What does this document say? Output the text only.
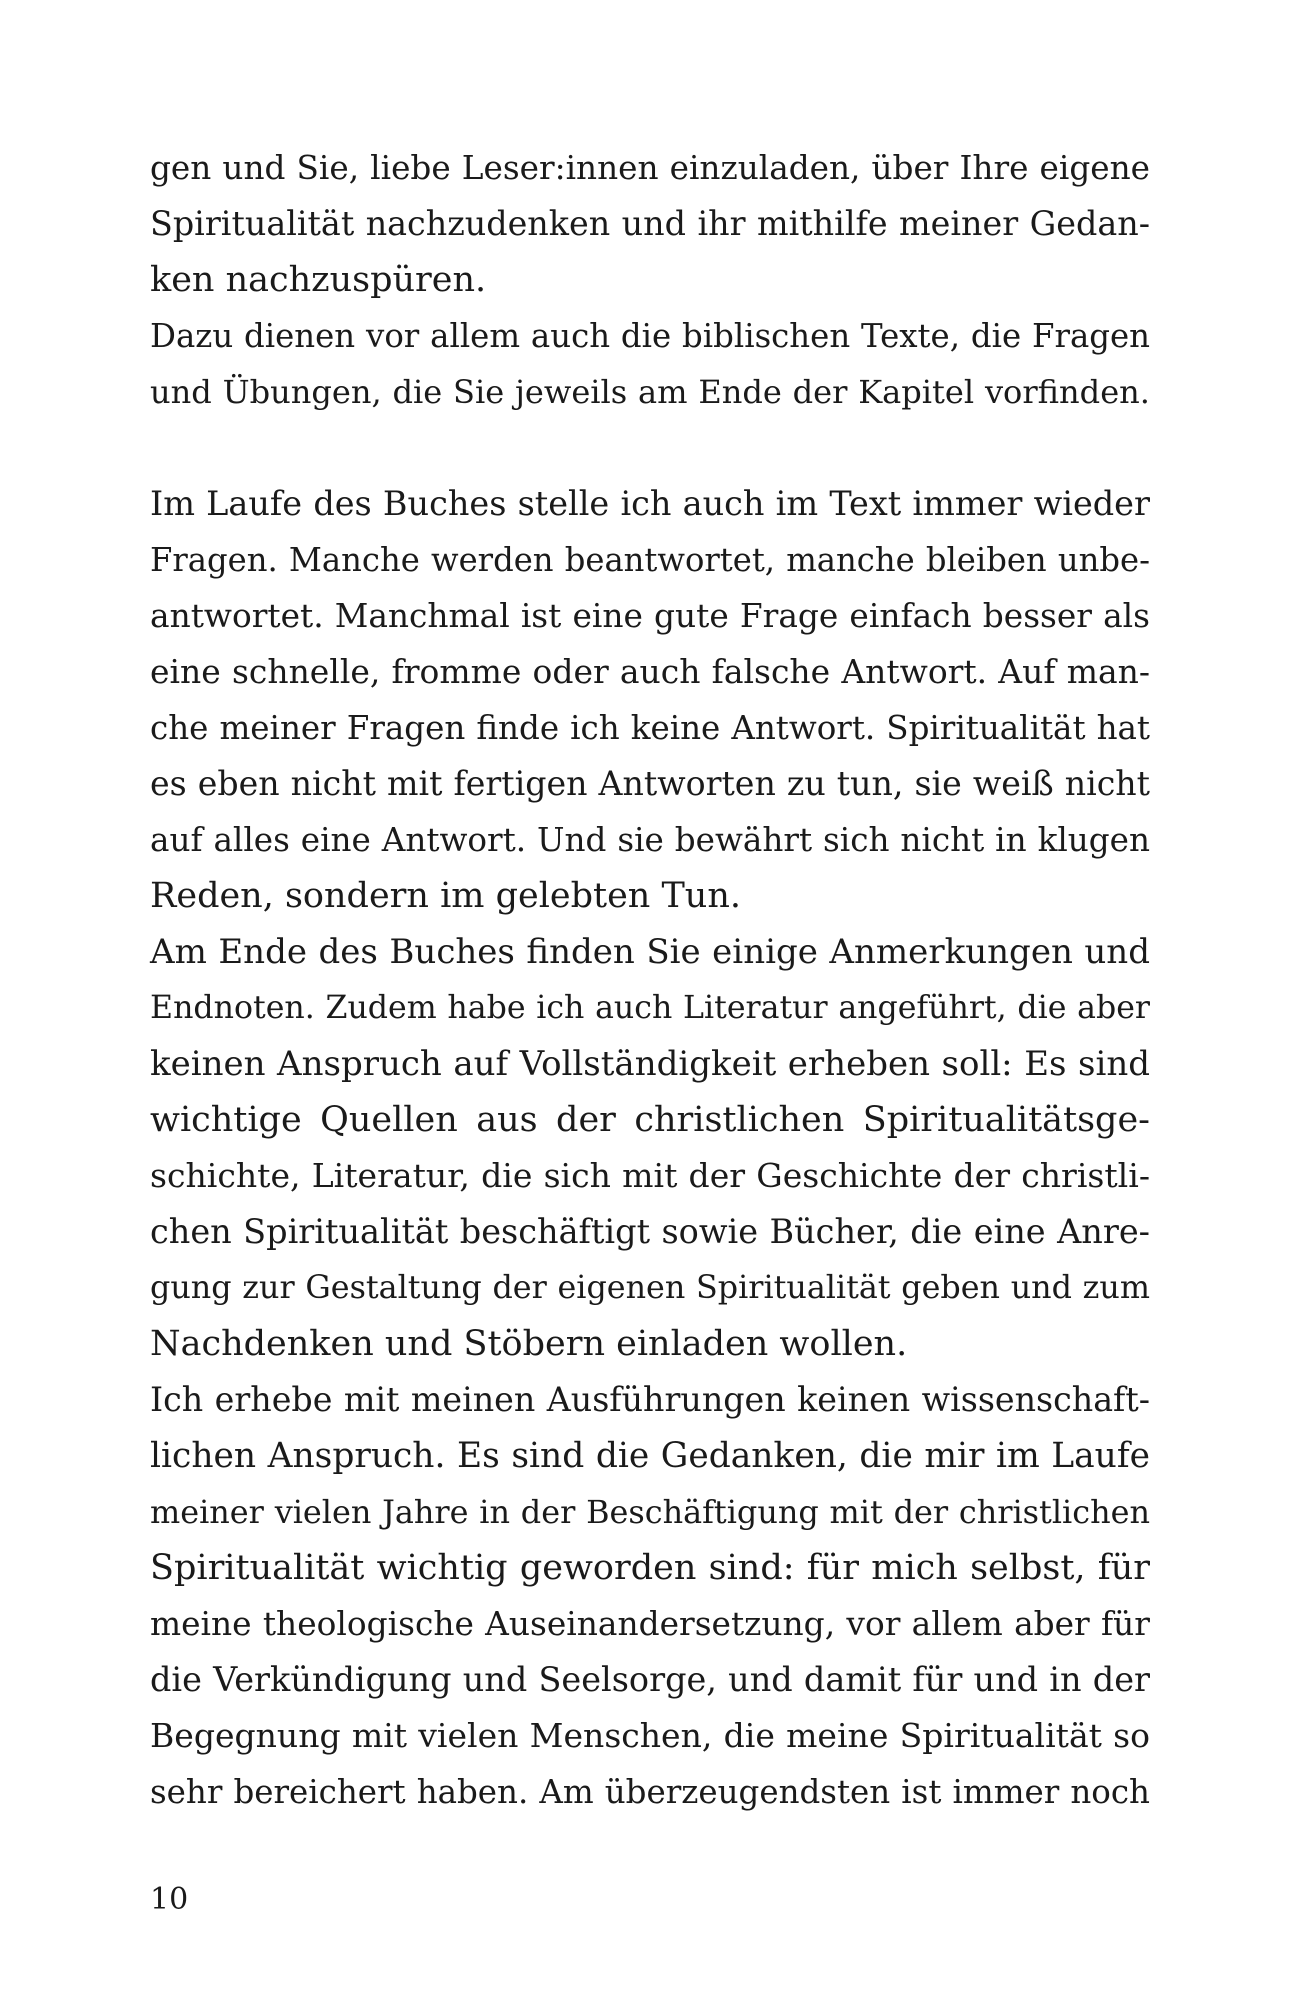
gen und Sie, liebe Leser:innen einzuladen, über Ihre eigene
Spiritualität nachzudenken und ihr mithilfe meiner Gedan-
ken nachzuspüren.
Dazu dienen vor allem auch die biblischen Texte, die Fragen
und Übungen, die Sie jeweils am Ende der Kapitel vorfinden.
Im Laufe des Buches stelle ich auch im Text immer wieder
Fragen. Manche werden beantwortet, manche bleiben unbe-
antwortet. Manchmal ist eine gute Frage einfach besser als
eine schnelle, fromme oder auch falsche Antwort. Auf man-
che meiner Fragen finde ich keine Antwort. Spiritualität hat
es eben nicht mit fertigen Antworten zu tun, sie weiß nicht
auf alles eine Antwort. Und sie bewährt sich nicht in klugen
Reden, sondern im gelebten Tun.
Am Ende des Buches finden Sie einige Anmerkungen und
Endnoten. Zudem habe ich auch Literatur angeführt, die aber
keinen Anspruch auf Vollständigkeit erheben soll: Es sind
wichtige Quellen aus der christlichen Spiritualitätsge-
schichte, Literatur, die sich mit der Geschichte der christli-
chen Spiritualität beschäftigt sowie Bücher, die eine Anre-
gung zur Gestaltung der eigenen Spiritualität geben und zum
Nachdenken und Stöbern einladen wollen.
Ich erhebe mit meinen Ausführungen keinen wissenschaft-
lichen Anspruch. Es sind die Gedanken, die mir im Laufe
meiner vielen Jahre in der Beschäftigung mit der christlichen
Spiritualität wichtig geworden sind: für mich selbst, für
meine theologische Auseinandersetzung, vor allem aber für
die Verkündigung und Seelsorge, und damit für und in der
Begegnung mit vielen Menschen, die meine Spiritualität so
sehr bereichert haben. Am überzeugendsten ist immer noch
10
